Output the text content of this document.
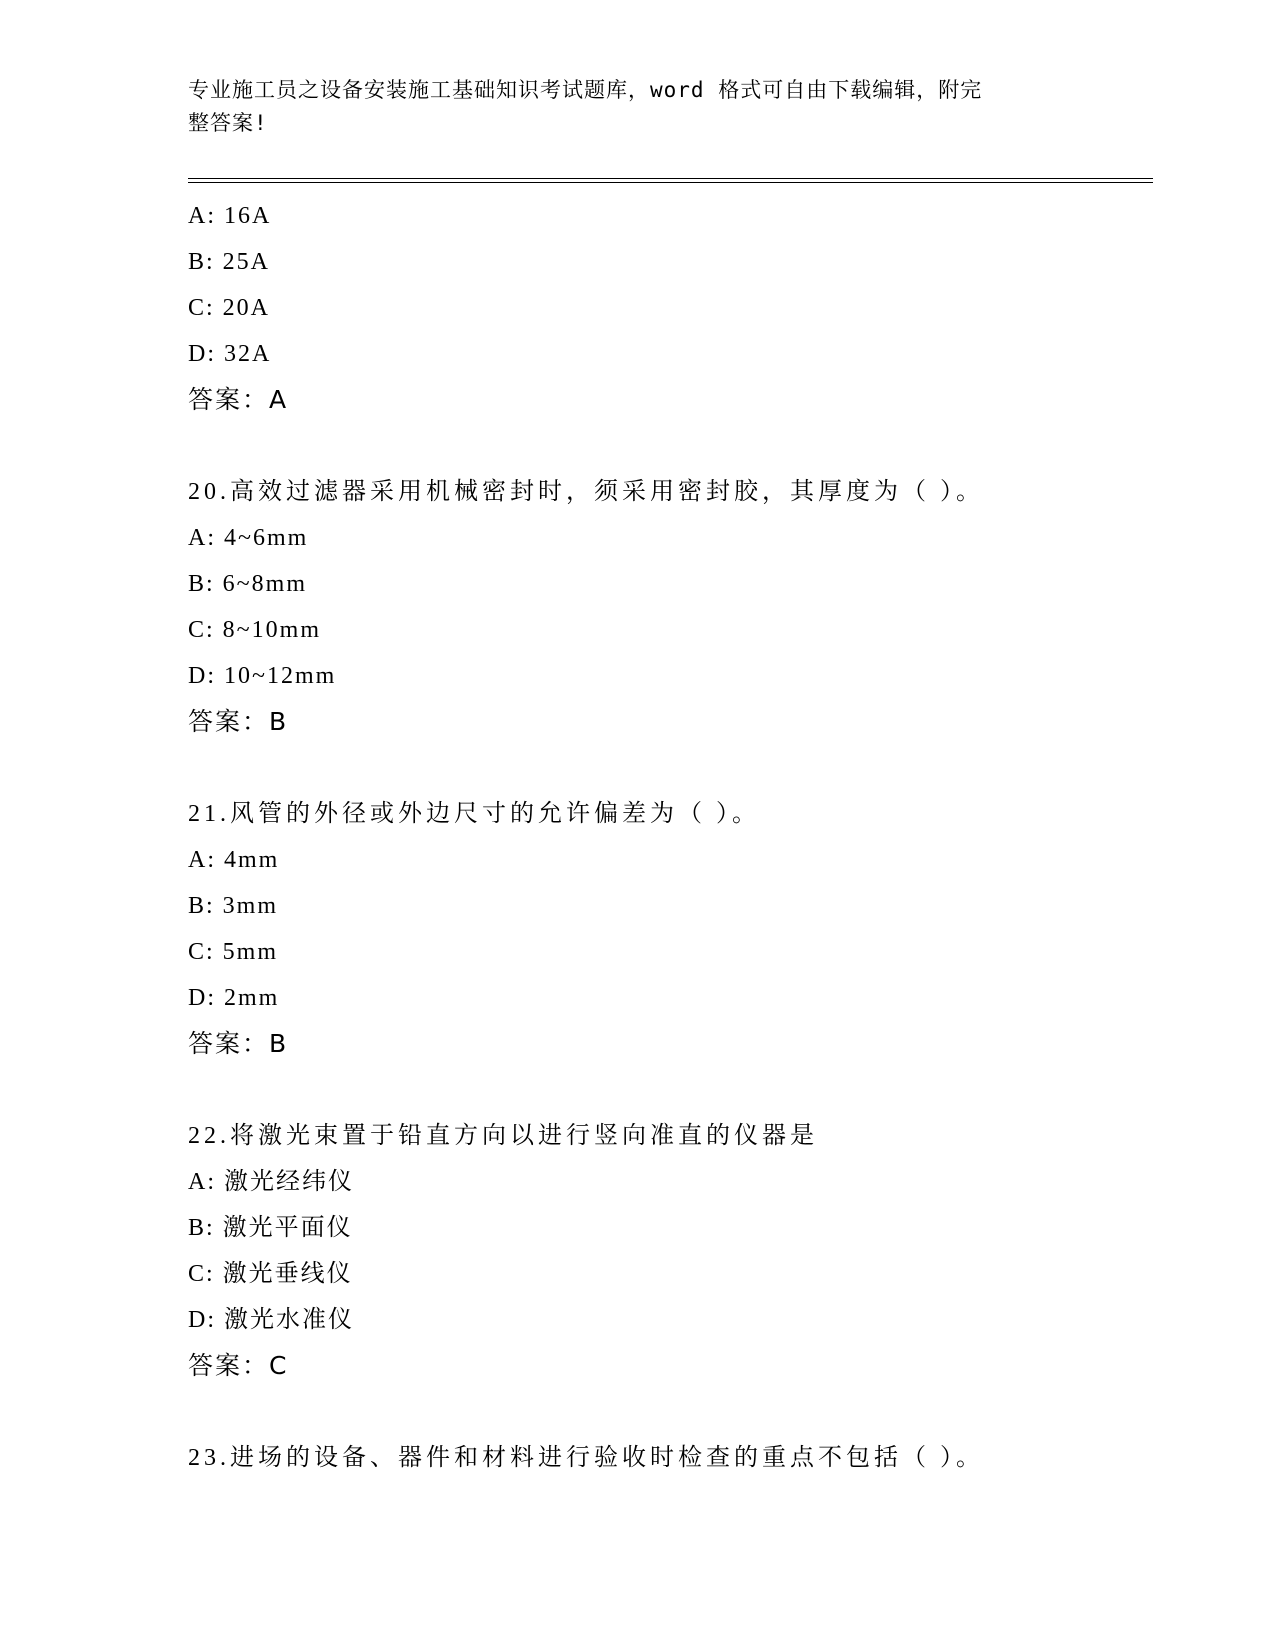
专业施工员之设备安装施工基础知识考试题库，word 格式可自由下载编辑，附完
整答案!
A: 16A
B: 25A
C: 20A
D: 32A
答案：A
20.高效过滤器采用机械密封时，须采用密封胶，其厚度为（ ）。
A: 4~6mm
B: 6~8mm
C: 8~10mm
D: 10~12mm
答案：B
21.风管的外径或外边尺寸的允许偏差为（ ）。
A: 4mm
B: 3mm
C: 5mm
D: 2mm
答案：B
22.将激光束置于铅直方向以进行竖向准直的仪器是
A: 激光经纬仪
B: 激光平面仪
C: 激光垂线仪
D: 激光水准仪
答案：C
23.进场的设备、器件和材料进行验收时检查的重点不包括（ ）。
